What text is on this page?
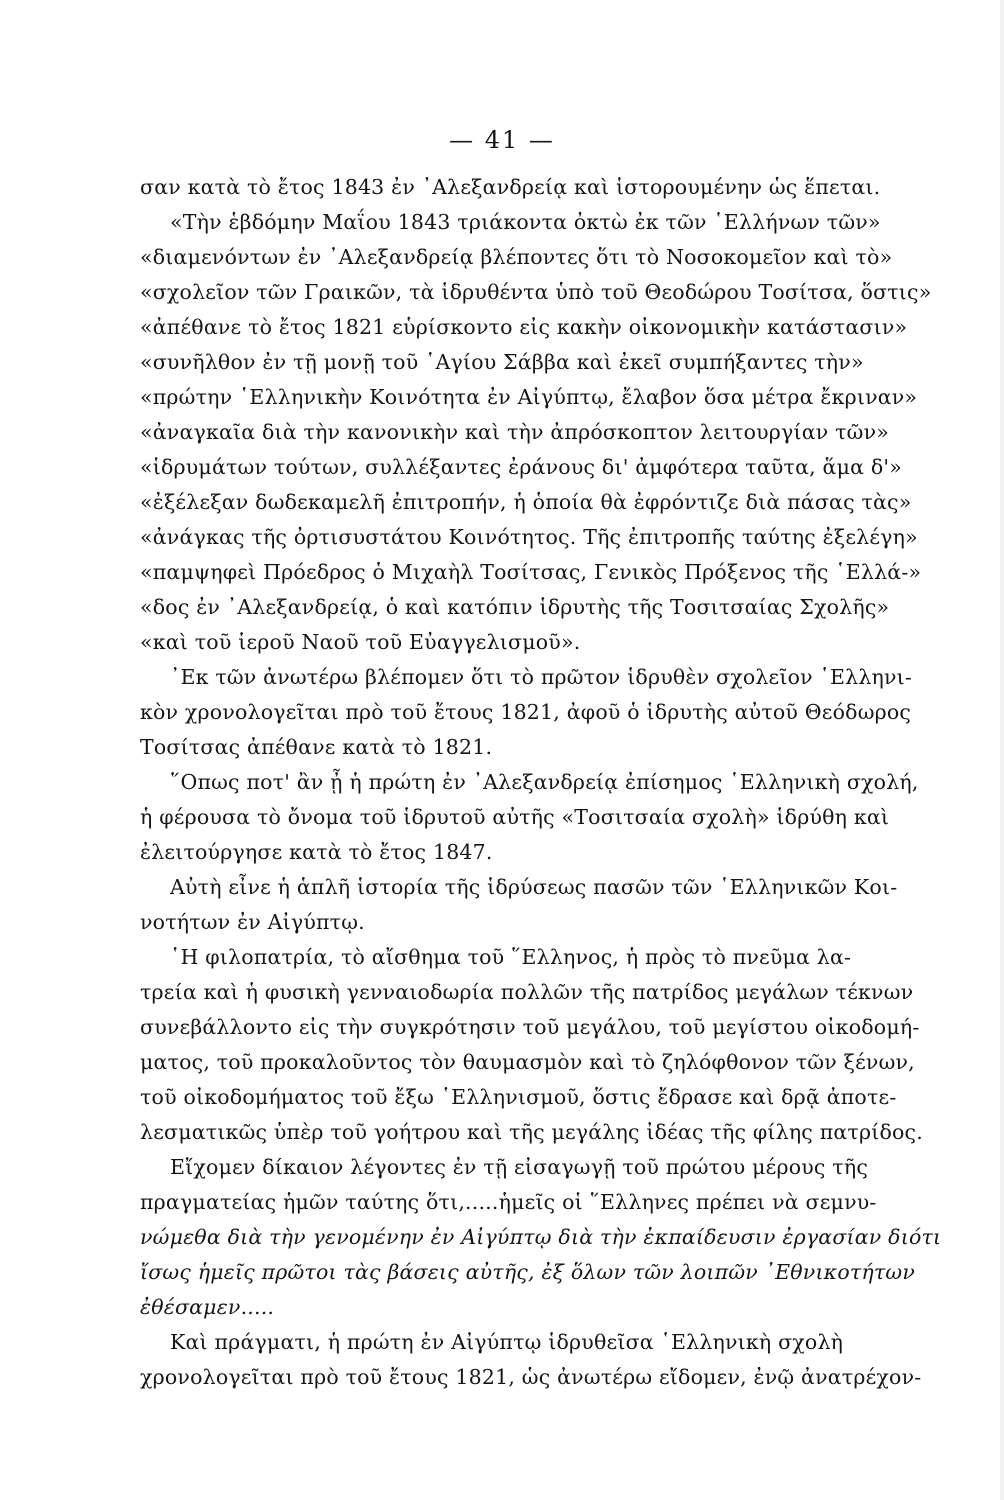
— 41 —
σαν κατὰ τὸ ἔτος 1843 ἐν ᾿Αλεξανδρείᾳ καὶ ἱστορουμένην ὡς ἕπεται.
«Τὴν ἑβδόμην Μαΐου 1843 τριάκοντα ὀκτὼ ἐκ τῶν ῾Ελλήνων τῶν»
«διαμενόντων ἐν ᾿Αλεξανδρείᾳ βλέποντες ὅτι τὸ Νοσοκομεῖον καὶ τὸ»
«σχολεῖον τῶν Γραικῶν, τὰ ἱδρυθέντα ὑπὸ τοῦ Θεοδώρου Τοσίτσα, ὅστις»
«ἀπέθανε τὸ ἔτος 1821 εὑρίσκοντο εἰς κακὴν οἰκονομικὴν κατάστασιν»
«συνῆλθον ἐν τῇ μονῇ τοῦ ῾Αγίου Σάββα καὶ ἐκεῖ συμπήξαντες τὴν»
«πρώτην ῾Ελληνικὴν Κοινότητα ἐν Αἰγύπτῳ, ἔλαβον ὅσα μέτρα ἔκριναν»
«ἀναγκαῖα διὰ τὴν κανονικὴν καὶ τὴν ἀπρόσκοπτον λειτουργίαν τῶν»
«ἱδρυμάτων τούτων, συλλέξαντες ἐράνους δι' ἀμφότερα ταῦτα, ἅμα δ'»
«ἐξέλεξαν δωδεκαμελῆ ἐπιτροπήν, ἡ ὁποία θὰ ἐφρόντιζε διὰ πάσας τὰς»
«ἀνάγκας τῆς ὀρτισυστάτου Κοινότητος. Τῆς ἐπιτροπῆς ταύτης ἐξελέγη»
«παμψηφεὶ Πρόεδρος ὁ Μιχαὴλ Τοσίτσας, Γενικὸς Πρόξενος τῆς ῾Ελλά-»
«δος ἐν ᾿Αλεξανδρείᾳ, ὁ καὶ κατόπιν ἱδρυτὴς τῆς Τοσιτσαίας Σχολῆς»
«καὶ τοῦ ἱεροῦ Ναοῦ τοῦ Εὐαγγελισμοῦ».
᾿Εκ τῶν ἀνωτέρω βλέπομεν ὅτι τὸ πρῶτον ἱδρυθὲν σχολεῖον ῾Ελληνι-
κὸν χρονολογεῖται πρὸ τοῦ ἔτους 1821, ἀφοῦ ὁ ἱδρυτὴς αὐτοῦ Θεόδωρος
Τοσίτσας ἀπέθανε κατὰ τὸ 1821.
῞Οπως ποτ' ἂν ᾖ ἡ πρώτη ἐν ᾿Αλεξανδρείᾳ ἐπίσημος ῾Ελληνικὴ σχολή,
ἡ φέρουσα τὸ ὄνομα τοῦ ἱδρυτοῦ αὐτῆς «Τοσιτσαία σχολὴ» ἱδρύθη καὶ
ἐλειτούργησε κατὰ τὸ ἔτος 1847.
Αὐτὴ εἶνε ἡ ἁπλῆ ἱστορία τῆς ἱδρύσεως πασῶν τῶν ῾Ελληνικῶν Κοι-
νοτήτων ἐν Αἰγύπτῳ.
῾Η φιλοπατρία, τὸ αἴσθημα τοῦ ῞Ελληνος, ἡ πρὸς τὸ πνεῦμα λα-
τρεία καὶ ἡ φυσικὴ γενναιοδωρία πολλῶν τῆς πατρίδος μεγάλων τέκνων
συνεβάλλοντο εἰς τὴν συγκρότησιν τοῦ μεγάλου, τοῦ μεγίστου οἰκοδομή-
ματος, τοῦ προκαλοῦντος τὸν θαυμασμὸν καὶ τὸ ζηλόφθονον τῶν ξένων,
τοῦ οἰκοδομήματος τοῦ ἔξω ῾Ελληνισμοῦ, ὅστις ἔδρασε καὶ δρᾷ ἀποτε-
λεσματικῶς ὑπὲρ τοῦ γοήτρου καὶ τῆς μεγάλης ἰδέας τῆς φίλης πατρίδος.
Εἴχομεν δίκαιον λέγοντες ἐν τῇ εἰσαγωγῇ τοῦ πρώτου μέρους τῆς
πραγματείας ἡμῶν ταύτης ὅτι,.....ἡμεῖς οἱ ῞Ελληνες πρέπει νὰ σεμνυ-
νώμεθα διὰ τὴν γενομένην ἐν Αἰγύπτῳ διὰ τὴν ἐκπαίδευσιν ἐργασίαν διότι
ἴσως ἡμεῖς πρῶτοι τὰς βάσεις αὐτῆς, ἐξ ὅλων τῶν λοιπῶν ᾿Εθνικοτήτων
ἐθέσαμεν.....
Καὶ πράγματι, ἡ πρώτη ἐν Αἰγύπτῳ ἱδρυθεῖσα ῾Ελληνικὴ σχολὴ
χρονολογεῖται πρὸ τοῦ ἔτους 1821, ὡς ἀνωτέρω εἴδομεν, ἐνῷ ἀνατρέχον-
